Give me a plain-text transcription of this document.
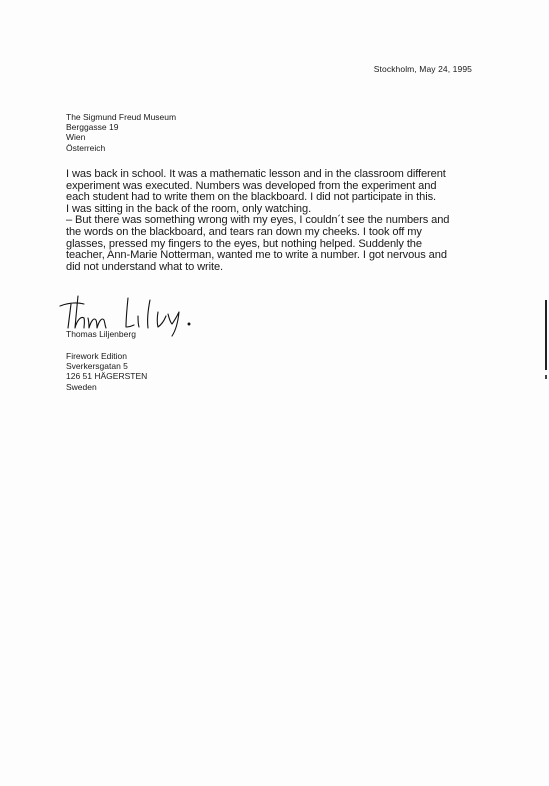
Stockholm, May 24, 1995
The Sigmund Freud Museum
Berggasse 19
Wien
Österreich
I was back in school. It was a mathematic lesson and in the classroom different
experiment was executed. Numbers was developed from the experiment and
each student had to write them on the blackboard. I did not participate in this.
I was sitting in the back of the room, only watching.
– But there was something wrong with my eyes, I couldn´t see the numbers and
the words on the blackboard, and tears ran down my cheeks. I took off my
glasses, pressed my fingers to the eyes, but nothing helped. Suddenly the
teacher, Ann-Marie Notterman, wanted me to write a number. I got nervous and
did not understand what to write.
Thomas Liljenberg
Firework Edition
Sverkersgatan 5
126 51 HÄGERSTEN
Sweden
